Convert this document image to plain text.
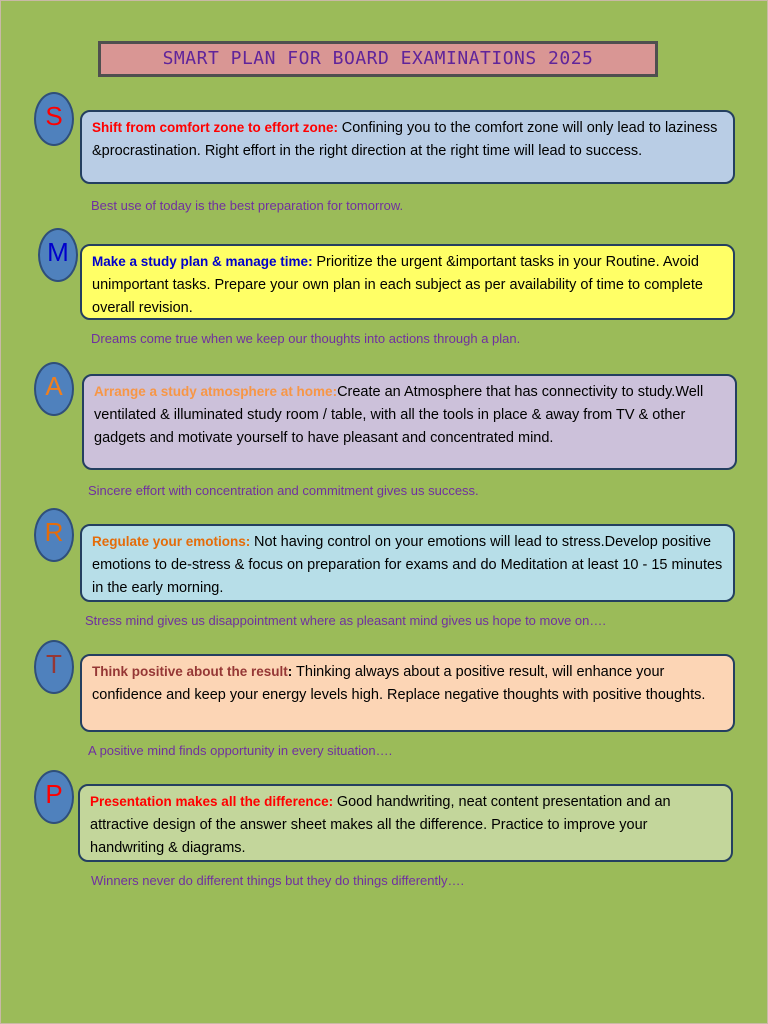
SMART PLAN FOR BOARD EXAMINATIONS 2025
S	Shift from comfort zone to effort zone: Confining you to the comfort zone will only lead to laziness &procrastination. Right effort in the right direction at the right time will lead to success.
Best use of today is the best preparation for tomorrow.
M	Make a study plan & manage time: Prioritize the urgent &important tasks in your Routine. Avoid unimportant tasks. Prepare your own plan in each subject as per availability of time to complete overall revision.
Dreams come true when we keep our thoughts into actions through a plan.
A	Arrange a study atmosphere at home:Create an Atmosphere that has connectivity to study.Well ventilated & illuminated study room / table, with all the tools in place & away from TV & other gadgets and motivate yourself to have pleasant and concentrated mind.
Sincere effort with concentration and commitment gives us success.
R	Regulate your emotions: Not having control on your emotions will lead to stress.Develop positive emotions to de-stress & focus on preparation for exams and do Meditation at least 10 - 15 minutes in the early morning.
Stress mind gives us disappointment where as pleasant mind gives us hope to move on….
T	Think positive about the result: Thinking always about a positive result, will enhance your confidence and keep your energy levels high. Replace negative thoughts with positive thoughts.
A positive mind finds opportunity in every situation….
P	Presentation makes all the difference: Good handwriting, neat content presentation and an attractive design of the answer sheet makes all the difference. Practice to improve your handwriting & diagrams.
Winners never do different things but they do things differently….
